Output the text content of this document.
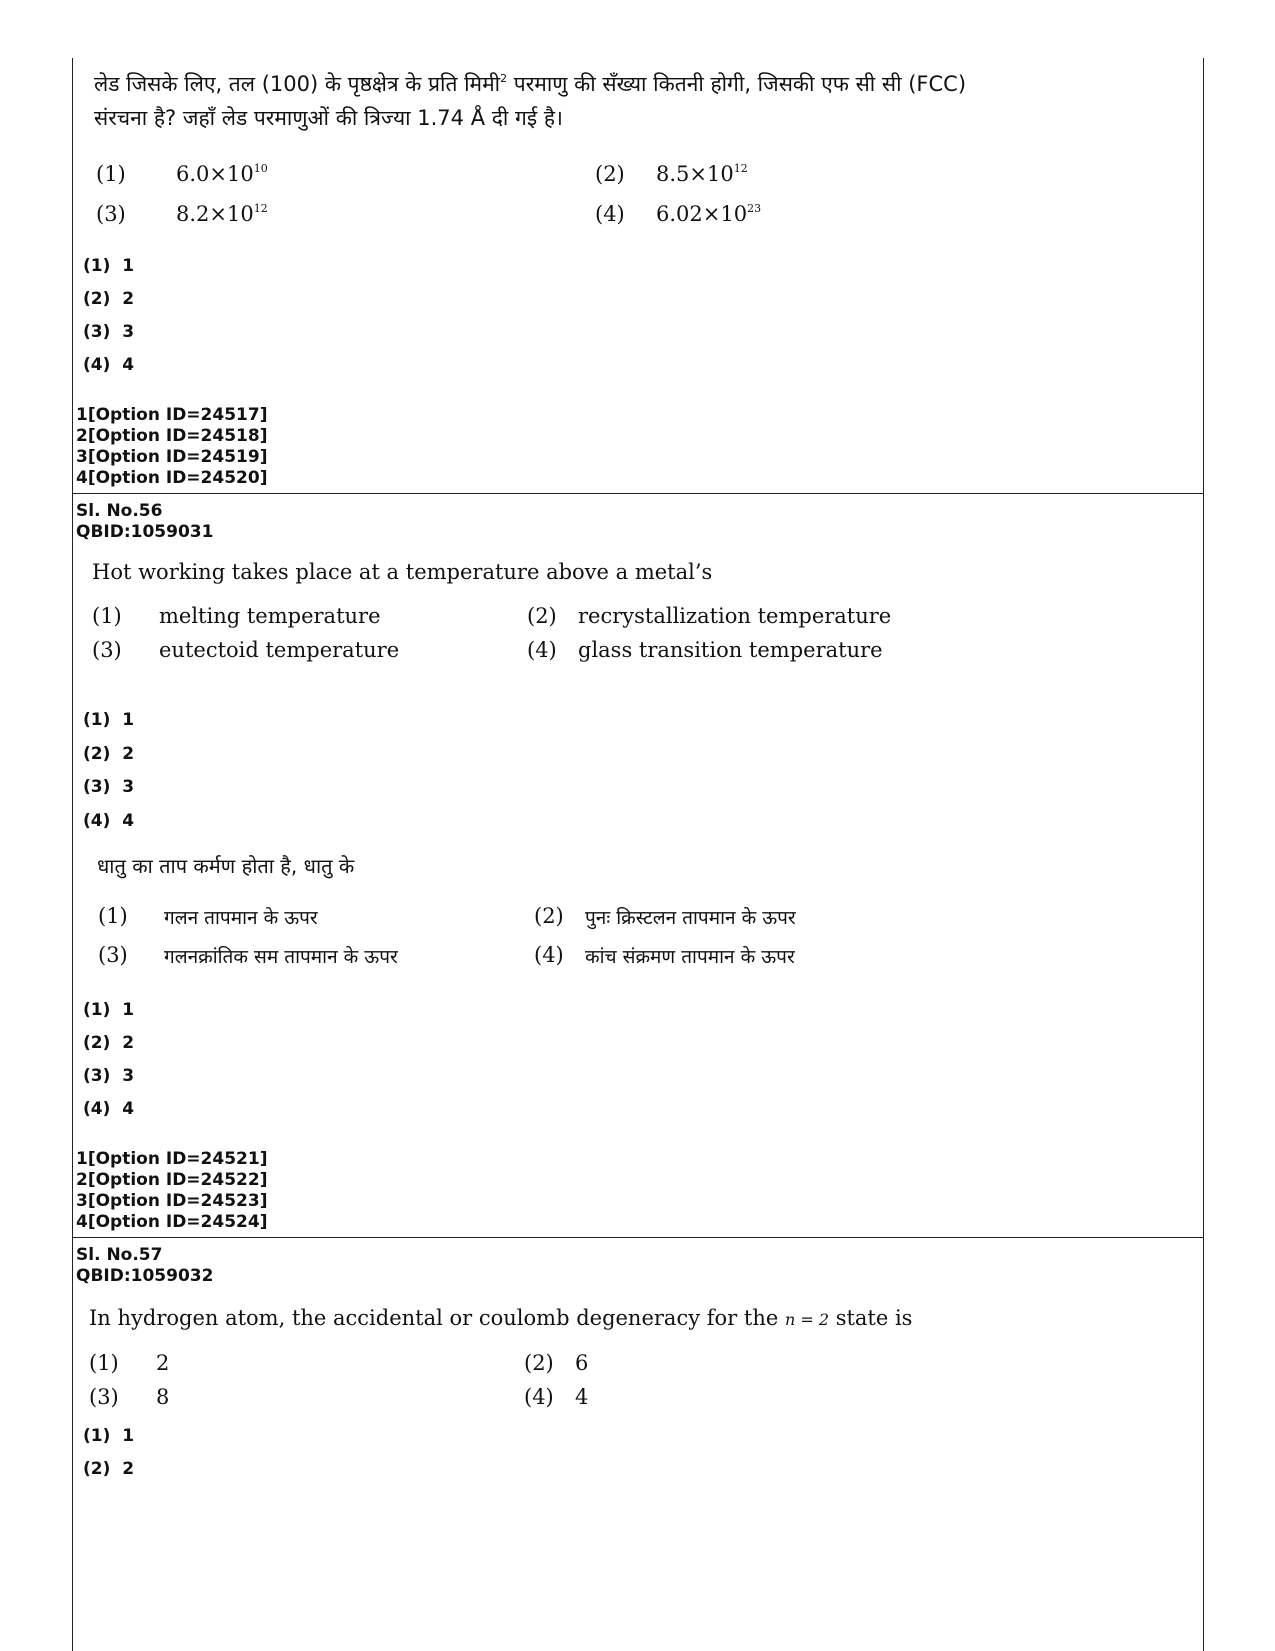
लेड जिसके लिए, तल (100) के पृष्ठक्षेत्र के प्रति मिमी$^2$ परमाणु की सँख्या कितनी होगी, जिसकी एफ सी सी (FCC)
संरचना है? जहाँ लेड परमाणुओं की त्रिज्या 1.74 Å दी गई है।
(1) $6.0\times 10^{10}$	(2) $8.5\times 10^{12}$
(3) $8.2\times 10^{12}$	(4) $6.02\times 10^{23}$
(1)  1
(2)  2
(3)  3
(4)  4
1[Option ID=24517]
2[Option ID=24518]
3[Option ID=24519]
4[Option ID=24520]
Sl. No.56
QBID:1059031
Hot working takes place at a temperature above a metal’s
(1) melting temperature	(2) recrystallization temperature
(3) eutectoid temperature	(4) glass transition temperature
(1)  1
(2)  2
(3)  3
(4)  4
धातु का ताप कर्मण होता है, धातु के
(1) गलन तापमान के ऊपर	(2) पुनः क्रिस्टलन तापमान के ऊपर
(3) गलनक्रांतिक सम तापमान के ऊपर	(4) कांच संक्रमण तापमान के ऊपर
(1)  1
(2)  2
(3)  3
(4)  4
1[Option ID=24521]
2[Option ID=24522]
3[Option ID=24523]
4[Option ID=24524]
Sl. No.57
QBID:1059032
In hydrogen atom, the accidental or coulomb degeneracy for the n = 2 state is
(1) 2	(2) 6
(3) 8	(4) 4
(1)  1
(2)  2
